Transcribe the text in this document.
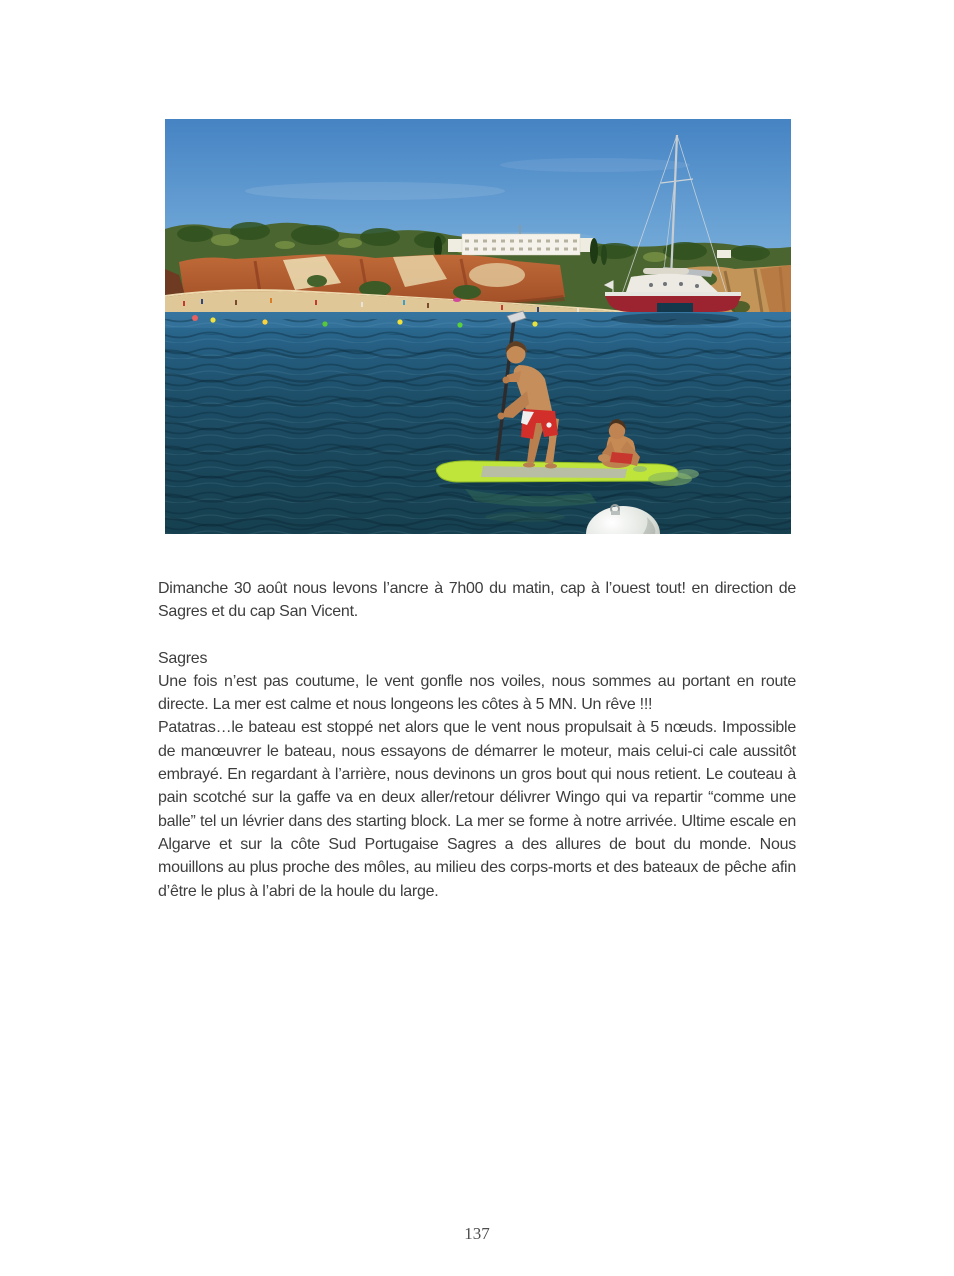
Dimanche 30 août nous levons l’ancre à 7h00 du matin, cap à l’ouest tout! en direction de Sagres et du cap San Vicent.

Sagres

Une fois n’est pas coutume, le vent gonfle nos voiles, nous sommes au portant en route directe. La mer est calme et nous longeons les côtes à 5 MN. Un rêve !!!

Patatras…le bateau est stoppé net alors que le vent nous propulsait à 5 nœuds. Impossible de manœuvrer le bateau, nous essayons de démarrer le moteur, mais celui-ci cale aussitôt embrayé. En regardant à l’arrière, nous devinons un gros bout qui nous retient. Le couteau à pain scotché sur la gaffe va en deux aller/retour délivrer Wingo qui va repartir “comme une balle” tel un lévrier dans des starting block. La mer se forme à notre arrivée. Ultime escale en Algarve et sur la côte Sud Portugaise Sagres a des allures de bout du monde. Nous mouillons au plus proche des môles, au milieu des corps-morts et des bateaux de pêche afin d’être le plus à l’abri de la houle du large.

137
